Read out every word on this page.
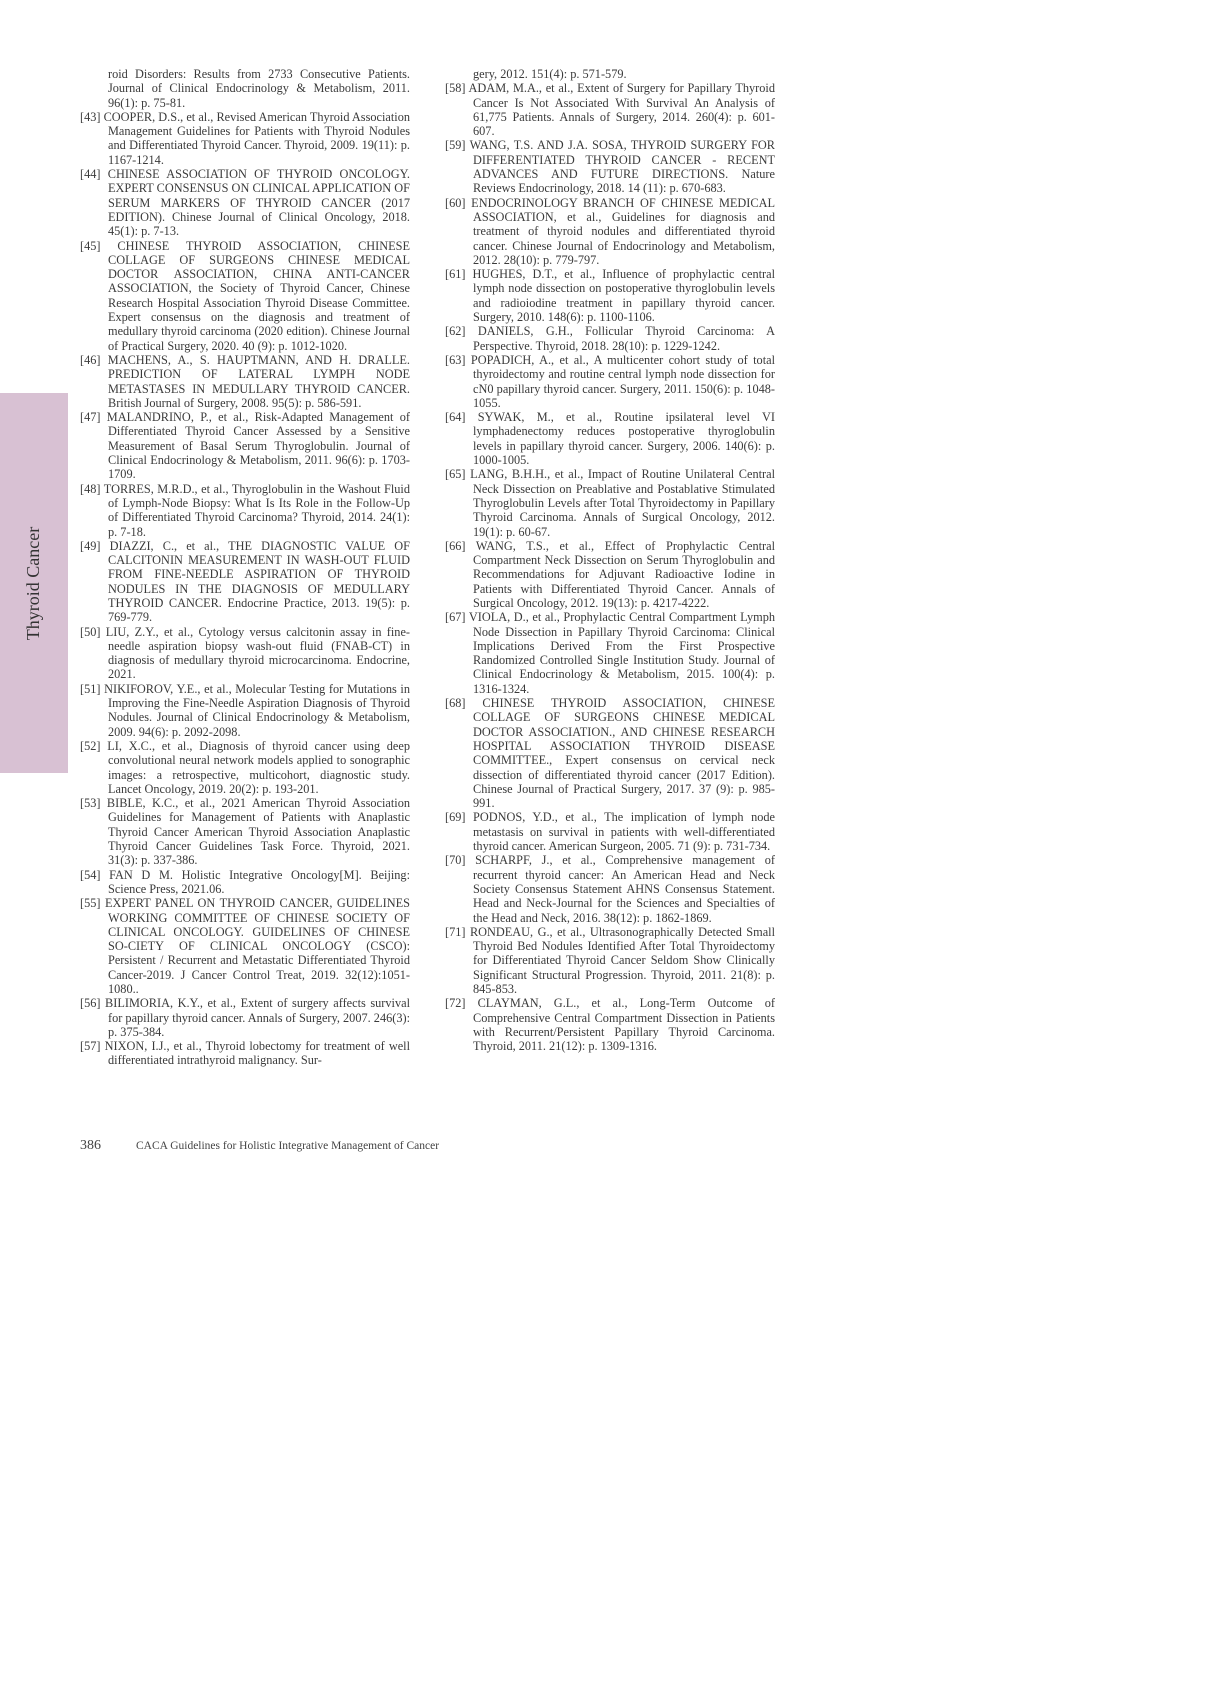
Thyroid Cancer
roid Disorders: Results from 2733 Consecutive Patients. Journal of Clinical Endocrinology & Metabolism, 2011. 96(1): p. 75-81.
[43] COOPER, D.S., et al., Revised American Thyroid Association Management Guidelines for Patients with Thyroid Nodules and Differentiated Thyroid Cancer. Thyroid, 2009. 19(11): p. 1167-1214.
[44] CHINESE ASSOCIATION OF THYROID ONCOLOGY. EXPERT CONSENSUS ON CLINICAL APPLICATION OF SERUM MARKERS OF THYROID CANCER (2017 EDITION). Chinese Journal of Clinical Oncology, 2018. 45(1): p. 7-13.
[45] CHINESE THYROID ASSOCIATION, CHINESE COLLAGE OF SURGEONS CHINESE MEDICAL DOCTOR ASSOCIATION, CHINA ANTI-CANCER ASSOCIATION, the Society of Thyroid Cancer, Chinese Research Hospital Association Thyroid Disease Committee. Expert consensus on the diagnosis and treatment of medullary thyroid carcinoma (2020 edition). Chinese Journal of Practical Surgery, 2020. 40 (9): p. 1012-1020.
[46] MACHENS, A., S. HAUPTMANN, AND H. DRALLE. PREDICTION OF LATERAL LYMPH NODE METASTASES IN MEDULLARY THYROID CANCER. British Journal of Surgery, 2008. 95(5): p. 586-591.
[47] MALANDRINO, P., et al., Risk-Adapted Management of Differentiated Thyroid Cancer Assessed by a Sensitive Measurement of Basal Serum Thyroglobulin. Journal of Clinical Endocrinology & Metabolism, 2011. 96(6): p. 1703-1709.
[48] TORRES, M.R.D., et al., Thyroglobulin in the Washout Fluid of Lymph-Node Biopsy: What Is Its Role in the Follow-Up of Differentiated Thyroid Carcinoma? Thyroid, 2014. 24(1): p. 7-18.
[49] DIAZZI, C., et al., THE DIAGNOSTIC VALUE OF CALCITONIN MEASUREMENT IN WASH-OUT FLUID FROM FINE-NEEDLE ASPIRATION OF THYROID NODULES IN THE DIAGNOSIS OF MEDULLARY THYROID CANCER. Endocrine Practice, 2013. 19(5): p. 769-779.
[50] LIU, Z.Y., et al., Cytology versus calcitonin assay in fine-needle aspiration biopsy wash-out fluid (FNAB-CT) in diagnosis of medullary thyroid microcarcinoma. Endocrine, 2021.
[51] NIKIFOROV, Y.E., et al., Molecular Testing for Mutations in Improving the Fine-Needle Aspiration Diagnosis of Thyroid Nodules. Journal of Clinical Endocrinology & Metabolism, 2009. 94(6): p. 2092-2098.
[52] LI, X.C., et al., Diagnosis of thyroid cancer using deep convolutional neural network models applied to sonographic images: a retrospective, multicohort, diagnostic study. Lancet Oncology, 2019. 20(2): p. 193-201.
[53] BIBLE, K.C., et al., 2021 American Thyroid Association Guidelines for Management of Patients with Anaplastic Thyroid Cancer American Thyroid Association Anaplastic Thyroid Cancer Guidelines Task Force. Thyroid, 2021. 31(3): p. 337-386.
[54] FAN D M. Holistic Integrative Oncology[M]. Beijing: Science Press, 2021.06.
[55] EXPERT PANEL ON THYROID CANCER, GUIDELINES WORKING COMMITTEE OF CHINESE SOCIETY OF CLINICAL ONCOLOGY. GUIDELINES OF CHINESE SO-CIETY OF CLINICAL ONCOLOGY (CSCO): Persistent / Recurrent and Metastatic Differentiated Thyroid Cancer-2019. J Cancer Control Treat, 2019. 32(12):1051-1080..
[56] BILIMORIA, K.Y., et al., Extent of surgery affects survival for papillary thyroid cancer. Annals of Surgery, 2007. 246(3): p. 375-384.
[57] NIXON, I.J., et al., Thyroid lobectomy for treatment of well differentiated intrathyroid malignancy. Sur-
gery, 2012. 151(4): p. 571-579.
[58] ADAM, M.A., et al., Extent of Surgery for Papillary Thyroid Cancer Is Not Associated With Survival An Analysis of 61,775 Patients. Annals of Surgery, 2014. 260(4): p. 601-607.
[59] WANG, T.S. AND J.A. SOSA, THYROID SURGERY FOR DIFFERENTIATED THYROID CANCER - RECENT ADVANCES AND FUTURE DIRECTIONS. Nature Reviews Endocrinology, 2018. 14 (11): p. 670-683.
[60] ENDOCRINOLOGY BRANCH OF CHINESE MEDICAL ASSOCIATION, et al., Guidelines for diagnosis and treatment of thyroid nodules and differentiated thyroid cancer. Chinese Journal of Endocrinology and Metabolism, 2012. 28(10): p. 779-797.
[61] HUGHES, D.T., et al., Influence of prophylactic central lymph node dissection on postoperative thyroglobulin levels and radioiodine treatment in papillary thyroid cancer. Surgery, 2010. 148(6): p. 1100-1106.
[62] DANIELS, G.H., Follicular Thyroid Carcinoma: A Perspective. Thyroid, 2018. 28(10): p. 1229-1242.
[63] POPADICH, A., et al., A multicenter cohort study of total thyroidectomy and routine central lymph node dissection for cN0 papillary thyroid cancer. Surgery, 2011. 150(6): p. 1048-1055.
[64] SYWAK, M., et al., Routine ipsilateral level VI lymphadenectomy reduces postoperative thyroglobulin levels in papillary thyroid cancer. Surgery, 2006. 140(6): p. 1000-1005.
[65] LANG, B.H.H., et al., Impact of Routine Unilateral Central Neck Dissection on Preablative and Postablative Stimulated Thyroglobulin Levels after Total Thyroidectomy in Papillary Thyroid Carcinoma. Annals of Surgical Oncology, 2012. 19(1): p. 60-67.
[66] WANG, T.S., et al., Effect of Prophylactic Central Compartment Neck Dissection on Serum Thyroglobulin and Recommendations for Adjuvant Radioactive Iodine in Patients with Differentiated Thyroid Cancer. Annals of Surgical Oncology, 2012. 19(13): p. 4217-4222.
[67] VIOLA, D., et al., Prophylactic Central Compartment Lymph Node Dissection in Papillary Thyroid Carcinoma: Clinical Implications Derived From the First Prospective Randomized Controlled Single Institution Study. Journal of Clinical Endocrinology & Metabolism, 2015. 100(4): p. 1316-1324.
[68] CHINESE THYROID ASSOCIATION, CHINESE COLLAGE OF SURGEONS CHINESE MEDICAL DOCTOR ASSOCIATION., AND CHINESE RESEARCH HOSPITAL ASSOCIATION THYROID DISEASE COMMITTEE., Expert consensus on cervical neck dissection of differentiated thyroid cancer (2017 Edition). Chinese Journal of Practical Surgery, 2017. 37 (9): p. 985-991.
[69] PODNOS, Y.D., et al., The implication of lymph node metastasis on survival in patients with well-differentiated thyroid cancer. American Surgeon, 2005. 71 (9): p. 731-734.
[70] SCHARPF, J., et al., Comprehensive management of recurrent thyroid cancer: An American Head and Neck Society Consensus Statement AHNS Consensus Statement. Head and Neck-Journal for the Sciences and Specialties of the Head and Neck, 2016. 38(12): p. 1862-1869.
[71] RONDEAU, G., et al., Ultrasonographically Detected Small Thyroid Bed Nodules Identified After Total Thyroidectomy for Differentiated Thyroid Cancer Seldom Show Clinically Significant Structural Progression. Thyroid, 2011. 21(8): p. 845-853.
[72] CLAYMAN, G.L., et al., Long-Term Outcome of Comprehensive Central Compartment Dissection in Patients with Recurrent/Persistent Papillary Thyroid Carcinoma. Thyroid, 2011. 21(12): p. 1309-1316.
386	CACA Guidelines for Holistic Integrative Management of Cancer
